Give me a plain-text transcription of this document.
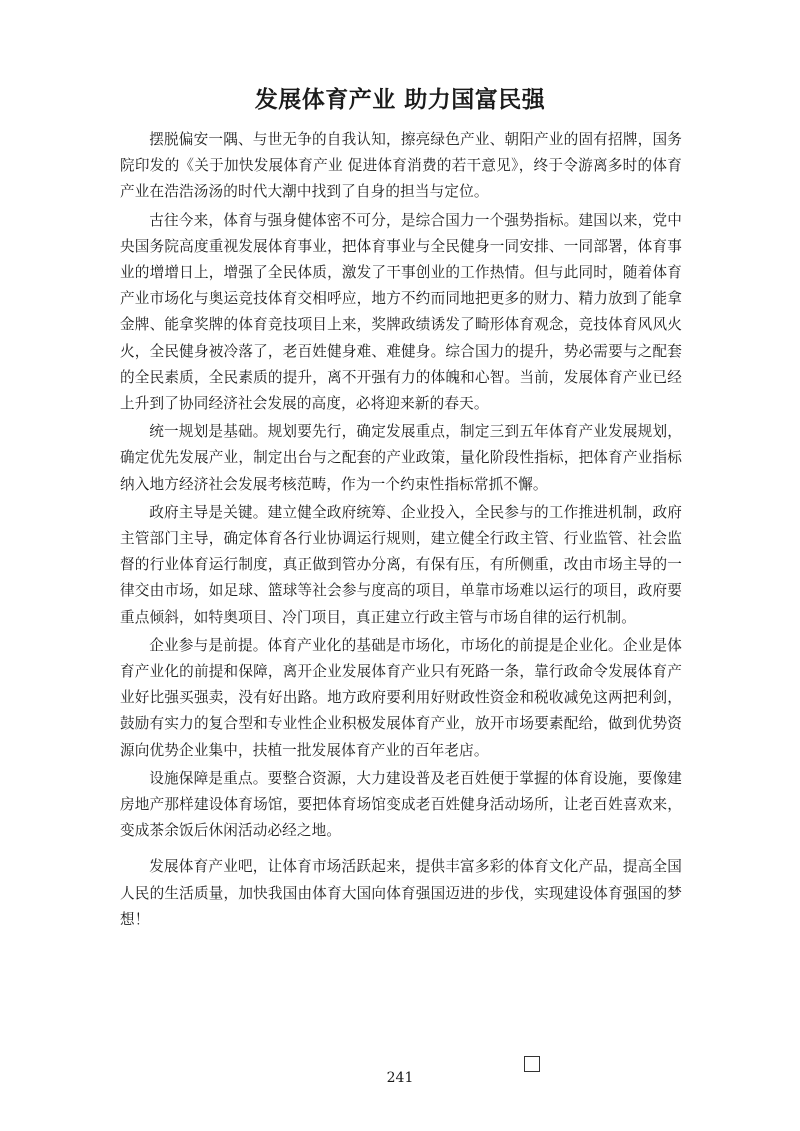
发展体育产业 助力国富民强

摆脱偏安一隅、与世无争的自我认知，擦亮绿色产业、朝阳产业的固有招牌，国务院印发的《关于加快发展体育产业 促进体育消费的若干意见》，终于令游离多时的体育产业在浩浩汤汤的时代大潮中找到了自身的担当与定位。

古往今来，体育与强身健体密不可分，是综合国力一个强势指标。建国以来，党中央国务院高度重视发展体育事业，把体育事业与全民健身一同安排、一同部署，体育事业的增增日上，增强了全民体质，激发了干事创业的工作热情。但与此同时，随着体育产业市场化与奥运竞技体育交相呼应，地方不约而同地把更多的财力、精力放到了能拿金牌、能拿奖牌的体育竞技项目上来，奖牌政绩诱发了畸形体育观念，竞技体育风风火火，全民健身被冷落了，老百姓健身难、难健身。综合国力的提升，势必需要与之配套的全民素质，全民素质的提升，离不开强有力的体魄和心智。当前，发展体育产业已经上升到了协同经济社会发展的高度，必将迎来新的春天。

统一规划是基础。规划要先行，确定发展重点，制定三到五年体育产业发展规划，确定优先发展产业，制定出台与之配套的产业政策，量化阶段性指标，把体育产业指标纳入地方经济社会发展考核范畴，作为一个约束性指标常抓不懈。

政府主导是关键。建立健全政府统筹、企业投入，全民参与的工作推进机制，政府主管部门主导，确定体育各行业协调运行规则，建立健全行政主管、行业监管、社会监督的行业体育运行制度，真正做到管办分离，有保有压，有所侧重，改由市场主导的一律交由市场，如足球、篮球等社会参与度高的项目，单靠市场难以运行的项目，政府要重点倾斜，如特奥项目、冷门项目，真正建立行政主管与市场自律的运行机制。

企业参与是前提。体育产业化的基础是市场化，市场化的前提是企业化。企业是体育产业化的前提和保障，离开企业发展体育产业只有死路一条，靠行政命令发展体育产业好比强买强卖，没有好出路。地方政府要利用好财政性资金和税收减免这两把利剑，鼓励有实力的复合型和专业性企业积极发展体育产业，放开市场要素配给，做到优势资源向优势企业集中，扶植一批发展体育产业的百年老店。

设施保障是重点。要整合资源，大力建设普及老百姓便于掌握的体育设施，要像建房地产那样建设体育场馆，要把体育场馆变成老百姓健身活动场所，让老百姓喜欢来，变成茶余饭后休闲活动必经之地。

发展体育产业吧，让体育市场活跃起来，提供丰富多彩的体育文化产品，提高全国人民的生活质量，加快我国由体育大国向体育强国迈进的步伐，实现建设体育强国的梦想！

241
